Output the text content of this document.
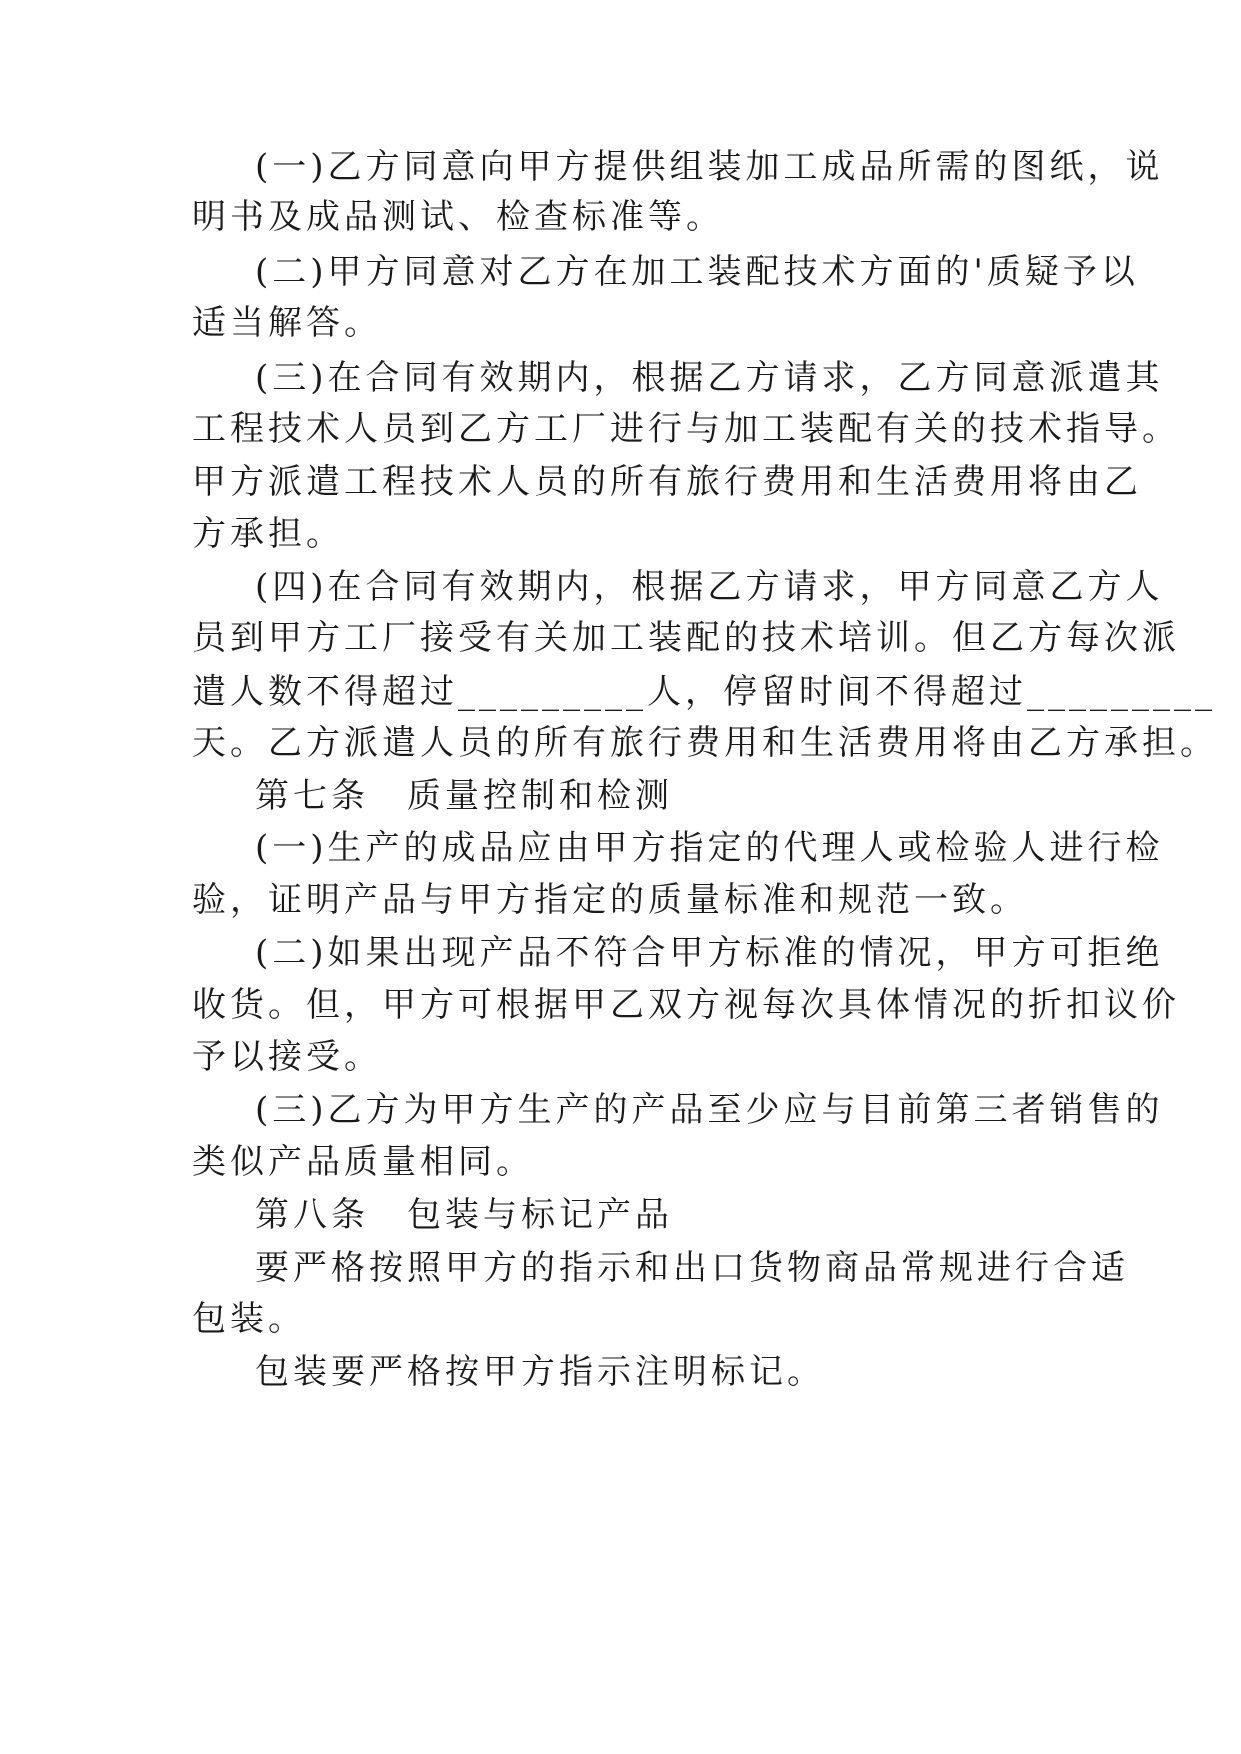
(一)乙方同意向甲方提供组装加工成品所需的图纸，说
明书及成品测试、检查标准等。
(二)甲方同意对乙方在加工装配技术方面的'质疑予以
适当解答。
(三)在合同有效期内，根据乙方请求，乙方同意派遣其
工程技术人员到乙方工厂进行与加工装配有关的技术指导。
甲方派遣工程技术人员的所有旅行费用和生活费用将由乙
方承担。
(四)在合同有效期内，根据乙方请求，甲方同意乙方人
员到甲方工厂接受有关加工装配的技术培训。但乙方每次派
遣人数不得超过_________人，停留时间不得超过_________
天。乙方派遣人员的所有旅行费用和生活费用将由乙方承担。
第七条　质量控制和检测
(一)生产的成品应由甲方指定的代理人或检验人进行检
验，证明产品与甲方指定的质量标准和规范一致。
(二)如果出现产品不符合甲方标准的情况，甲方可拒绝
收货。但，甲方可根据甲乙双方视每次具体情况的折扣议价
予以接受。
(三)乙方为甲方生产的产品至少应与目前第三者销售的
类似产品质量相同。
第八条　包装与标记产品
要严格按照甲方的指示和出口货物商品常规进行合适
包装。
包装要严格按甲方指示注明标记。
